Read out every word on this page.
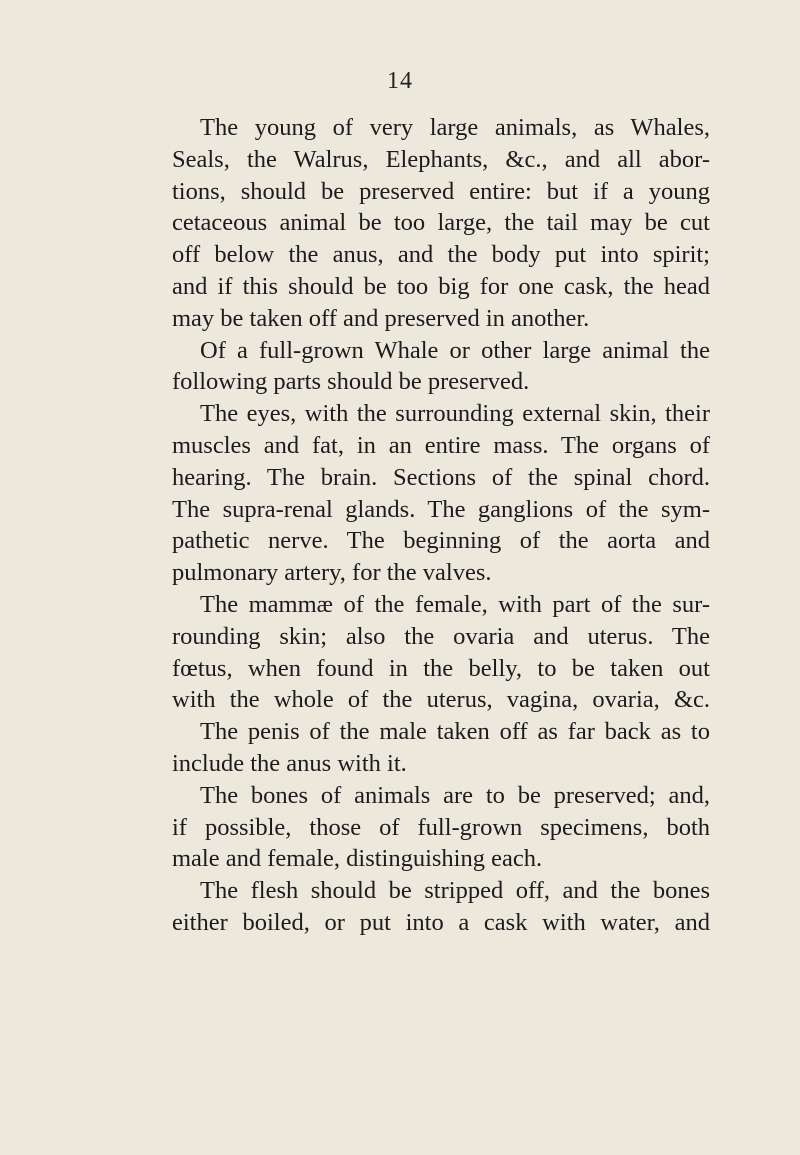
14
The young of very large animals, as Whales,
Seals, the Walrus, Elephants, &c., and all abor-
tions, should be preserved entire: but if a young
cetaceous animal be too large, the tail may be cut
off below the anus, and the body put into spirit;
and if this should be too big for one cask, the head
may be taken off and preserved in another.
Of a full-grown Whale or other large animal the
following parts should be preserved.
The eyes, with the surrounding external skin, their
muscles and fat, in an entire mass. The organs of
hearing. The brain. Sections of the spinal chord.
The supra-renal glands. The ganglions of the sym-
pathetic nerve. The beginning of the aorta and
pulmonary artery, for the valves.
The mammæ of the female, with part of the sur-
rounding skin; also the ovaria and uterus. The
fœtus, when found in the belly, to be taken out
with the whole of the uterus, vagina, ovaria, &c.
The penis of the male taken off as far back as to
include the anus with it.
The bones of animals are to be preserved; and,
if possible, those of full-grown specimens, both
male and female, distinguishing each.
The flesh should be stripped off, and the bones
either boiled, or put into a cask with water, and
